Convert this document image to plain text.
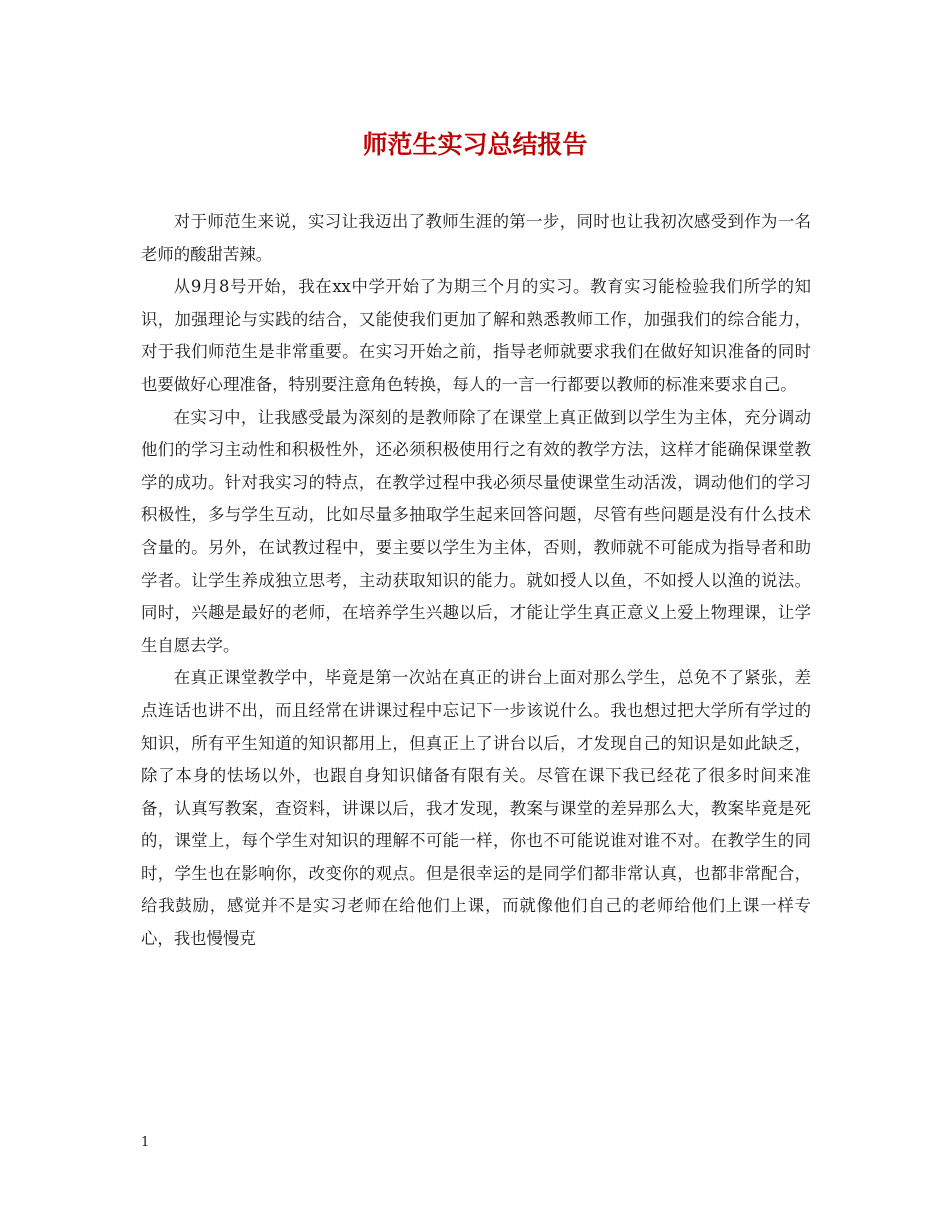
师范生实习总结报告

对于师范生来说，实习让我迈出了教师生涯的第一步，同时也让我初次感受到作为一名老师的酸甜苦辣。

从9月8号开始，我在xx中学开始了为期三个月的实习。教育实习能检验我们所学的知识，加强理论与实践的结合，又能使我们更加了解和熟悉教师工作，加强我们的综合能力，对于我们师范生是非常重要。在实习开始之前，指导老师就要求我们在做好知识准备的同时也要做好心理准备，特别要注意角色转换，每人的一言一行都要以教师的标准来要求自己。

在实习中，让我感受最为深刻的是教师除了在课堂上真正做到以学生为主体，充分调动他们的学习主动性和积极性外，还必须积极使用行之有效的教学方法，这样才能确保课堂教学的成功。针对我实习的特点，在教学过程中我必须尽量使课堂生动活泼，调动他们的学习积极性，多与学生互动，比如尽量多抽取学生起来回答问题，尽管有些问题是没有什么技术含量的。另外，在试教过程中，要主要以学生为主体，否则，教师就不可能成为指导者和助学者。让学生养成独立思考，主动获取知识的能力。就如授人以鱼，不如授人以渔的说法。同时，兴趣是最好的老师，在培养学生兴趣以后，才能让学生真正意义上爱上物理课，让学生自愿去学。

在真正课堂教学中，毕竟是第一次站在真正的讲台上面对那么学生，总免不了紧张，差点连话也讲不出，而且经常在讲课过程中忘记下一步该说什么。我也想过把大学所有学过的知识，所有平生知道的知识都用上，但真正上了讲台以后，才发现自己的知识是如此缺乏，除了本身的怯场以外，也跟自身知识储备有限有关。尽管在课下我已经花了很多时间来准备，认真写教案，查资料，讲课以后，我才发现，教案与课堂的差异那么大，教案毕竟是死的，课堂上，每个学生对知识的理解不可能一样，你也不可能说谁对谁不对。在教学生的同时，学生也在影响你，改变你的观点。但是很幸运的是同学们都非常认真，也都非常配合，给我鼓励，感觉并不是实习老师在给他们上课，而就像他们自己的老师给他们上课一样专心，我也慢慢克

1
